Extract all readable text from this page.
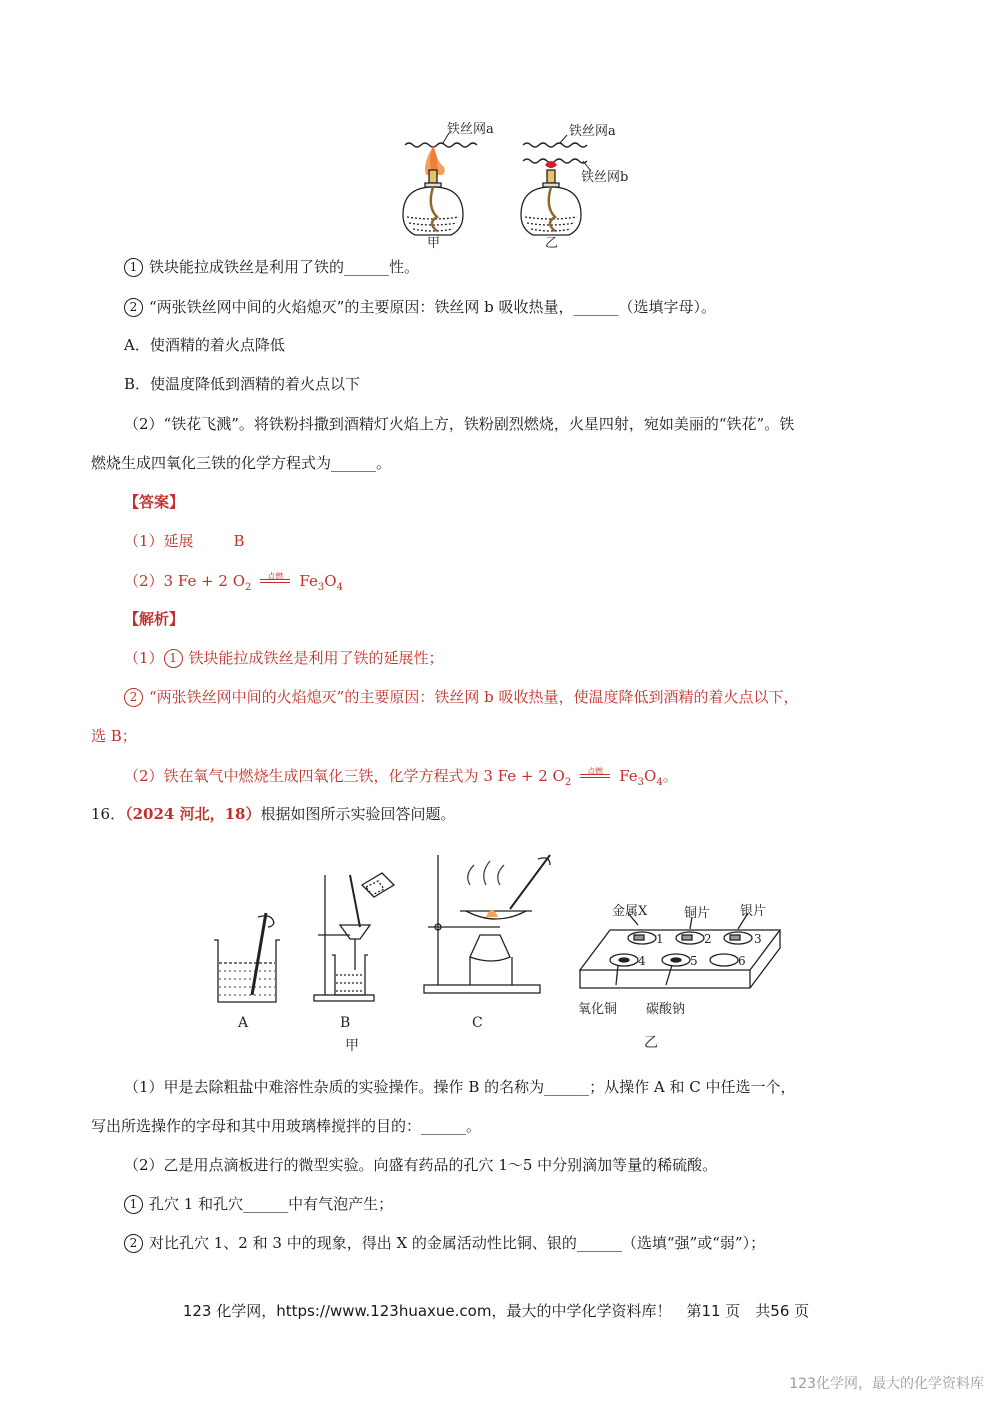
铁丝网a
甲
铁丝网a
铁丝网b
乙
1 铁块能拉成铁丝是利用了铁的______性。
2 “两张铁丝网中间的火焰熄灭”的主要原因：铁丝网 b 吸收热量，______（选填字母）。
A．使酒精的着火点降低
B．使温度降低到酒精的着火点以下
（2）“铁花飞溅”。将铁粉抖撒到酒精灯火焰上方，铁粉剧烈燃烧，火星四射，宛如美丽的“铁花”。铁
燃烧生成四氧化三铁的化学方程式为______。
【答案】
（1）延展	B
（2）3 Fe + 2 $O_2$
点燃	$Fe_3O_4$
【解析】
（1） 1 铁块能拉成铁丝是利用了铁的延展性；
2 “两张铁丝网中间的火焰熄灭”的主要原因：铁丝网 b 吸收热量，使温度降低到酒精的着火点以下，
选 B；
（2）铁在氧气中燃烧生成四氧化三铁，化学方程式为 3 Fe + 2 $O_2$
点燃	$Fe_3O_4$。
16．（2024 河北，18）根据如图所示实验回答问题。
A	B	C
甲
金属X	铜片 银片
1	2	3
4	5	6
氧化铜 碳酸钠
乙
（1）甲是去除粗盐中难溶性杂质的实验操作。操作 B 的名称为______；从操作 A 和 C 中任选一个，
写出所选操作的字母和其中用玻璃棒搅拌的目的：______。
（2）乙是用点滴板进行的微型实验。向盛有药品的孔穴 1～5 中分别滴加等量的稀硫酸。
1 孔穴 1 和孔穴______中有气泡产生；
2 对比孔穴 1、2 和 3 中的现象，得出 X 的金属活动性比铜、银的______（选填“强”或“弱”）；
123 化学网，https://www.123huaxue.com，最大的中学化学资料库！　第11 页　共56 页
123化学网，最大的化学资料库
